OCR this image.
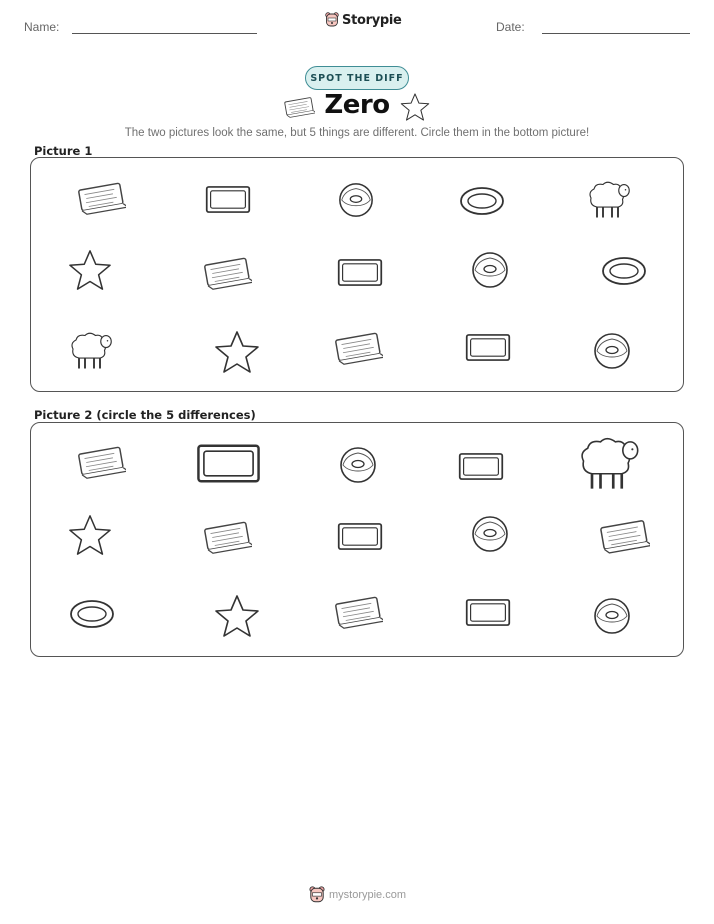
Name:	Storypie	Date:
SPOT THE DIFF
Zero
The two pictures look the same, but 5 things are different. Circle them in the bottom picture!
Picture 1
Picture 2 (circle the 5 differences)
mystorypie.com
